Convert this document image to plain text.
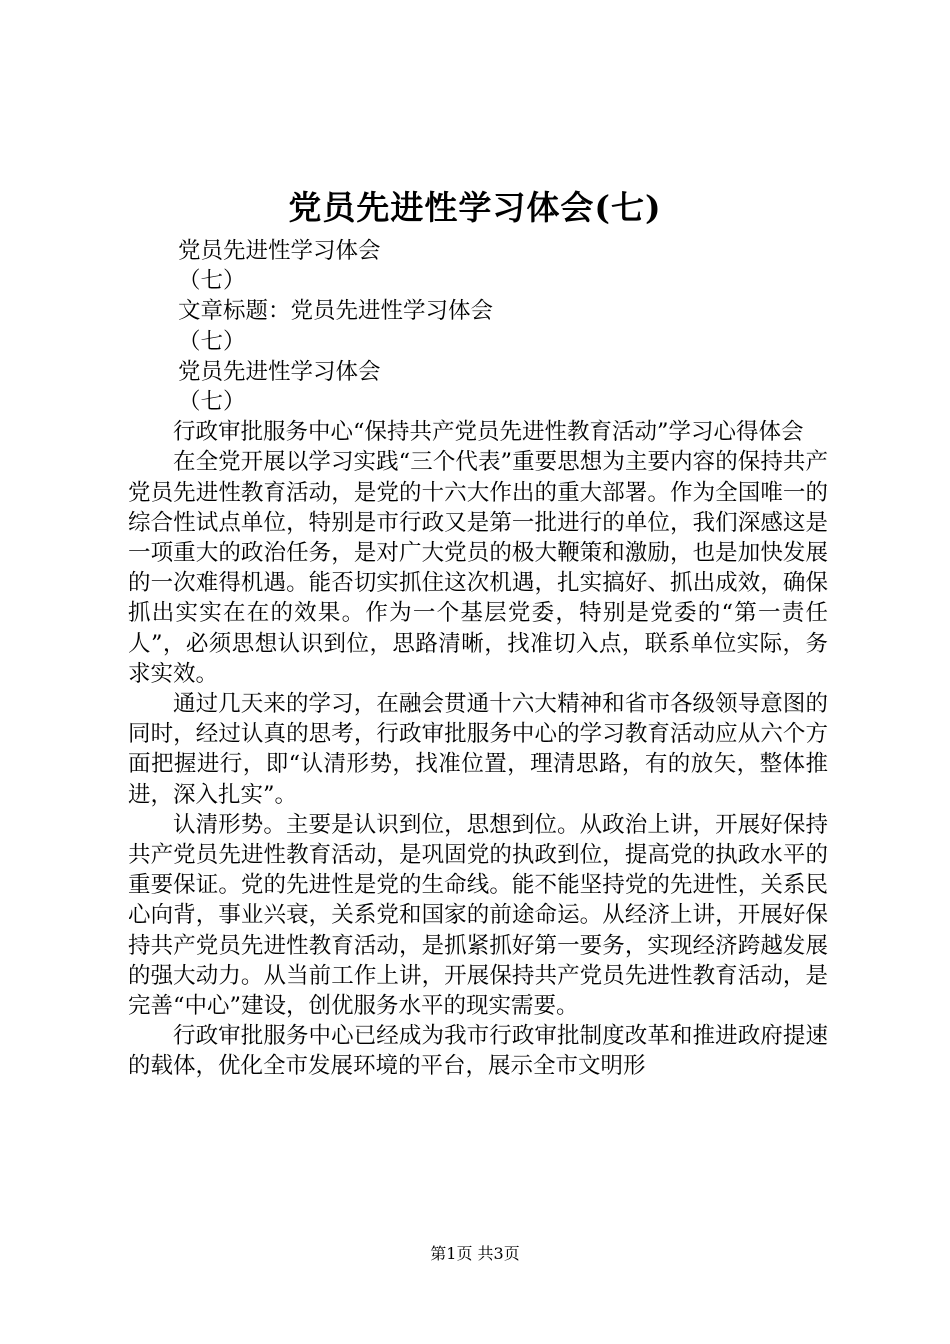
党员先进性学习体会(七)

党员先进性学习体会

（七）

文章标题：党员先进性学习体会

（七）

党员先进性学习体会

（七）

行政审批服务中心“保持共产党员先进性教育活动”学习心得体会

在全党开展以学习实践“三个代表”重要思想为主要内容的保持共产党员先进性教育活动，是党的十六大作出的重大部署。作为全国唯一的综合性试点单位，特别是市行政又是第一批进行的单位，我们深感这是一项重大的政治任务，是对广大党员的极大鞭策和激励，也是加快发展的一次难得机遇。能否切实抓住这次机遇，扎实搞好、抓出成效，确保抓出实实在在的效果。作为一个基层党委，特别是党委的“第一责任人”，必须思想认识到位，思路清晰，找准切入点，联系单位实际，务求实效。

通过几天来的学习，在融会贯通十六大精神和省市各级领导意图的同时，经过认真的思考，行政审批服务中心的学习教育活动应从六个方面把握进行，即“认清形势，找准位置，理清思路，有的放矢，整体推进，深入扎实”。

认清形势。主要是认识到位，思想到位。从政治上讲，开展好保持共产党员先进性教育活动，是巩固党的执政到位，提高党的执政水平的重要保证。党的先进性是党的生命线。能不能坚持党的先进性，关系民心向背，事业兴衰，关系党和国家的前途命运。从经济上讲，开展好保持共产党员先进性教育活动，是抓紧抓好第一要务，实现经济跨越发展的强大动力。从当前工作上讲，开展保持共产党员先进性教育活动，是完善“中心”建设，创优服务水平的现实需要。

行政审批服务中心已经成为我市行政审批制度改革和推进政府提速的载体，优化全市发展环境的平台，展示全市文明形

第1页 共3页
